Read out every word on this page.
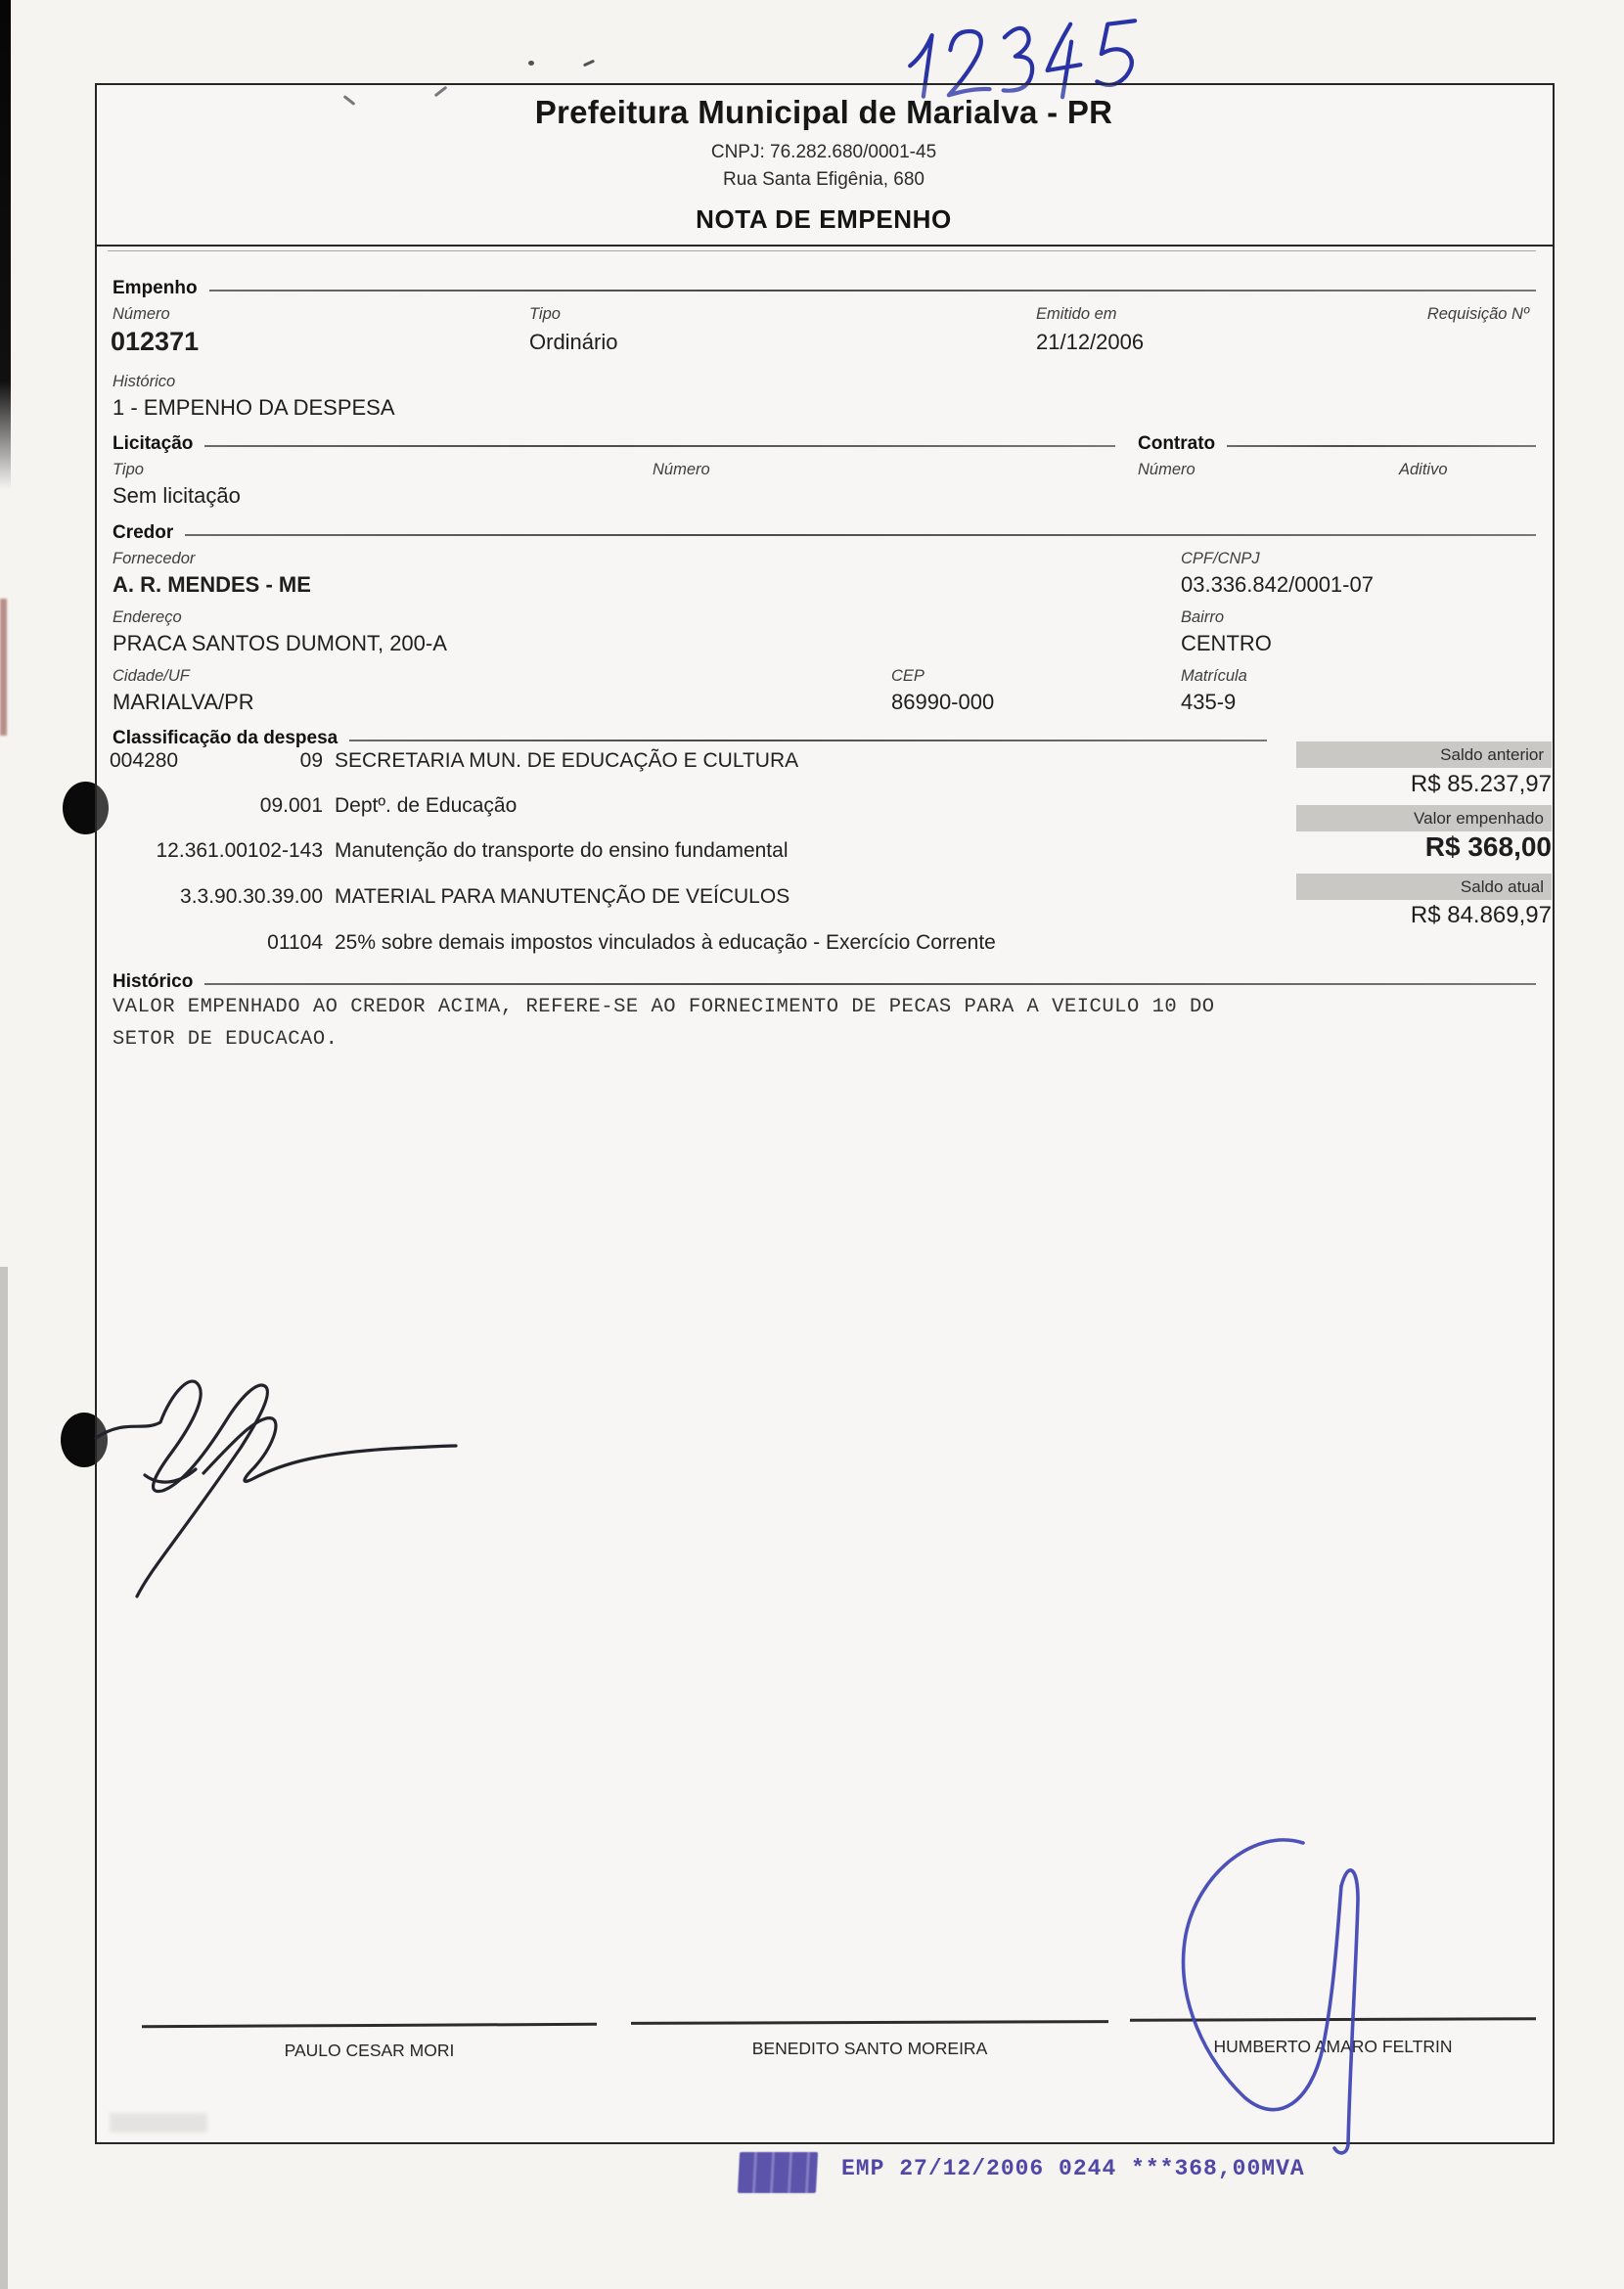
Prefeitura Municipal de Marialva - PR
CNPJ: 76.282.680/0001-45
Rua Santa Efigênia, 680
NOTA DE EMPENHO
Empenho
Número	Tipo	Emitido em	Requisição Nº
012371	Ordinário	21/12/2006
Histórico
1 - EMPENHO DA DESPESA
Licitação	Contrato
Tipo	Número	Número	Aditivo
Sem licitação
Credor
Fornecedor	CPF/CNPJ
A. R. MENDES - ME	03.336.842/0001-07
Endereço	Bairro
PRACA SANTOS DUMONT, 200-A	CENTRO
Cidade/UF	CEP	Matrícula
MARIALVA/PR	86990-000	435-9
Classificação da despesa
004280	09 SECRETARIA MUN. DE EDUCAÇÃO E CULTURA
09.001 Deptº. de Educação
12.361.00102-143 Manutenção do transporte do ensino fundamental
3.3.90.30.39.00 MATERIAL PARA MANUTENÇÃO DE VEÍCULOS
01104 25% sobre demais impostos vinculados à educação - Exercício Corrente
Saldo anterior
R$ 85.237,97
Valor empenhado
R$ 368,00
Saldo atual
R$ 84.869,97
Histórico
VALOR EMPENHADO AO CREDOR ACIMA, REFERE-SE AO FORNECIMENTO DE PECAS PARA A VEICULO 10 DO
SETOR DE EDUCACAO.
PAULO CESAR MORI	BENEDITO SANTO MOREIRA	HUMBERTO AMARO FELTRIN
EMP 27/12/2006 0244 ***368,00MVA
